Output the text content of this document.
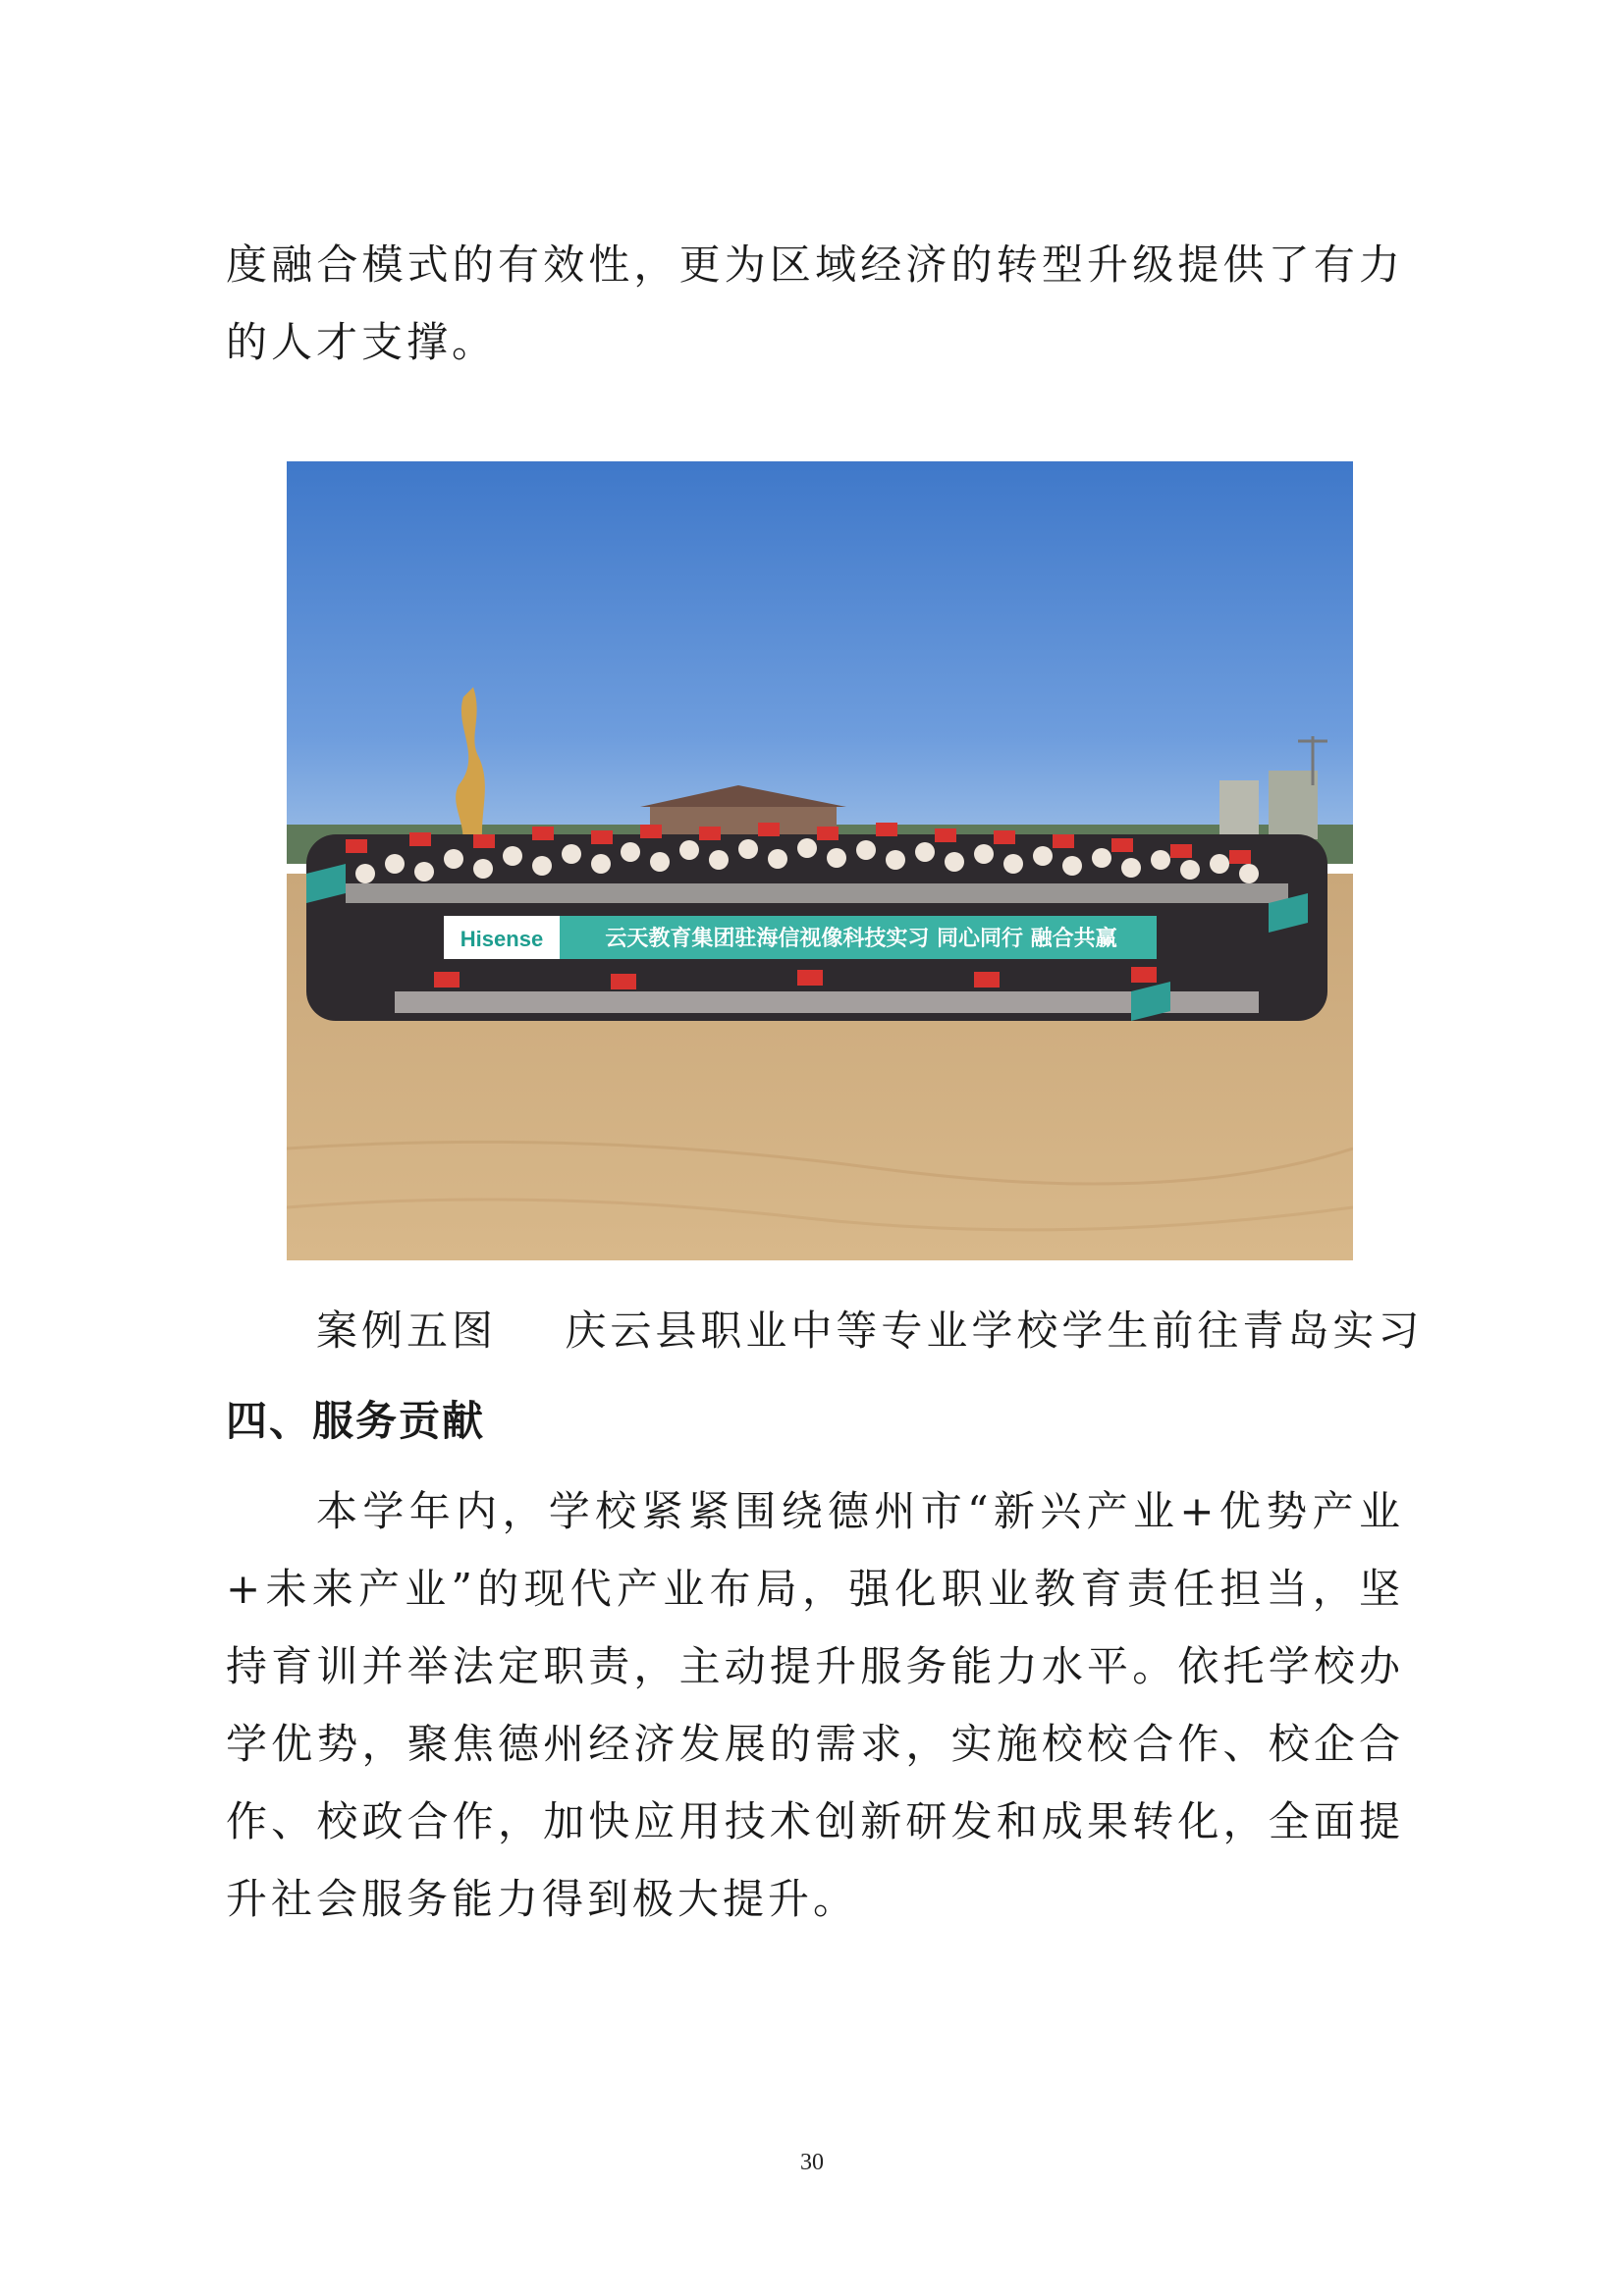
度融合模式的有效性，更为区域经济的转型升级提供了有力的人才支撑。

Hisense	云天教育集团驻海信视像科技实习 同心同行 融合共赢
案例五图    庆云县职业中等专业学校学生前往青岛实习
四、服务贡献

本学年内，学校紧紧围绕德州市“新兴产业+优势产业+未来产业”的现代产业布局，强化职业教育责任担当，坚持育训并举法定职责，主动提升服务能力水平。依托学校办学优势，聚焦德州经济发展的需求，实施校校合作、校企合作、校政合作，加快应用技术创新研发和成果转化，全面提升社会服务能力得到极大提升。

30
